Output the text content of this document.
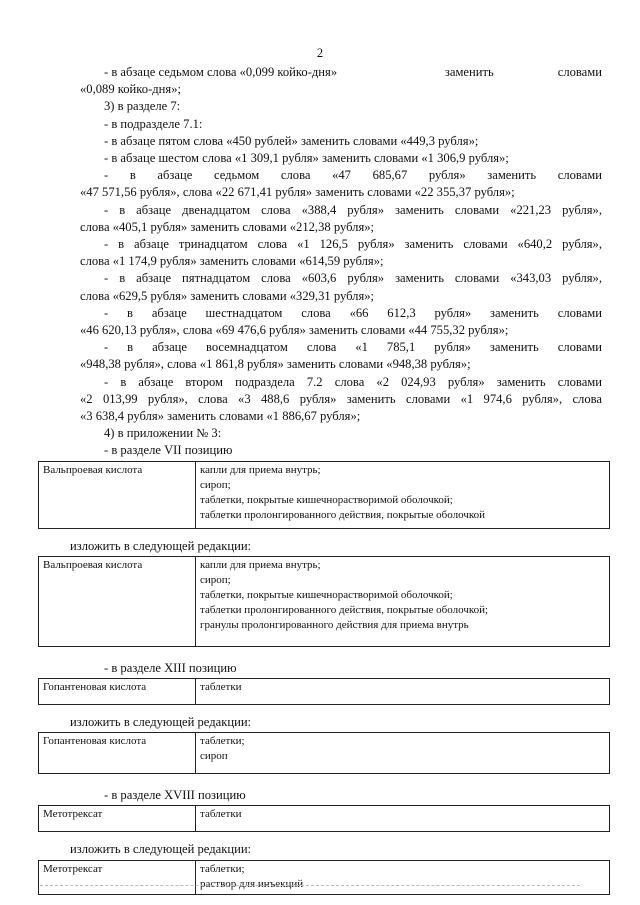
2
- в абзаце седьмом слова «0,099 койко-дня»	заменить	словами
«0,089 койко-дня»;
3) в разделе 7:
- в подразделе 7.1:
- в абзаце пятом слова «450 рублей» заменить словами «449,3 рубля»;
- в абзаце шестом слова «1 309,1 рубля» заменить словами «1 306,9 рубля»;
- в абзаце седьмом слова «47 685,67 рубля» заменить словами
«47 571,56 рубля», слова «22 671,41 рубля» заменить словами «22 355,37 рубля»;
- в абзаце двенадцатом слова «388,4 рубля» заменить словами «221,23 рубля»,
слова «405,1 рубля» заменить словами «212,38 рубля»;
- в абзаце тринадцатом слова «1 126,5 рубля» заменить словами «640,2 рубля»,
слова «1 174,9 рубля» заменить словами «614,59 рубля»;
- в абзаце пятнадцатом слова «603,6 рубля» заменить словами «343,03 рубля»,
слова «629,5 рубля» заменить словами «329,31 рубля»;
- в абзаце шестнадцатом слова «66 612,3 рубля» заменить словами
«46 620,13 рубля», слова «69 476,6 рубля» заменить словами «44 755,32 рубля»;
- в абзаце восемнадцатом слова «1 785,1 рубля» заменить словами
«948,38 рубля», слова «1 861,8 рубля» заменить словами «948,38 рубля»;
- в абзаце втором подраздела 7.2 слова «2 024,93 рубля» заменить словами
«2 013,99 рубля», слова «3 488,6 рубля» заменить словами «1 974,6 рубля», слова
«3 638,4 рубля» заменить словами «1 886,67 рубля»;
4) в приложении № 3:
- в разделе VII позицию
Вальпроевая кислота	капли для приема внутрь;
сироп;
таблетки, покрытые кишечнорастворимой оболочкой;
таблетки пролонгированного действия, покрытые оболочкой
изложить в следующей редакции:
Вальпроевая кислота	капли для приема внутрь;
сироп;
таблетки, покрытые кишечнорастворимой оболочкой;
таблетки пролонгированного действия, покрытые оболочкой;
гранулы пролонгированного действия для приема внутрь
- в разделе XIII позицию
Гопантеновая кислота	таблетки
изложить в следующей редакции:
Гопантеновая кислота	таблетки;
сироп
- в разделе XVIII позицию
Метотрексат	таблетки
изложить в следующей редакции:
Метотрексат	таблетки;
раствор для инъекций
